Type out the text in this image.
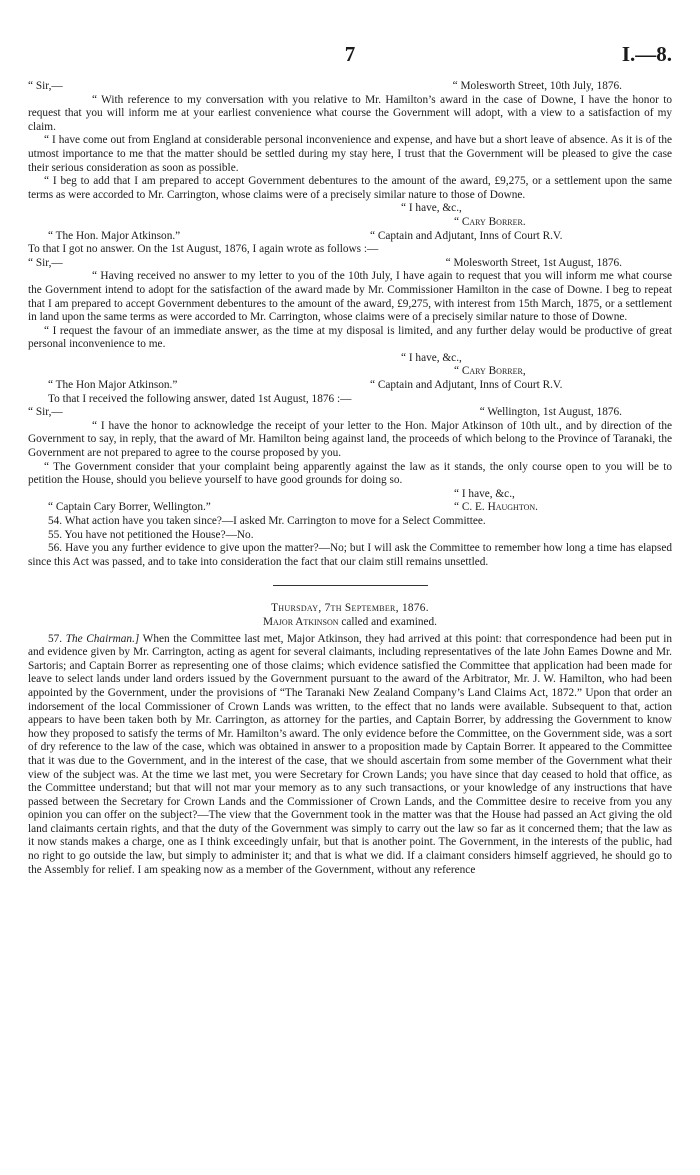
7	I.—8.
“ Sir,—	“ Molesworth Street, 10th July, 1876.

“ With reference to my conversation with you relative to Mr. Hamilton’s award in the case of Downe, I have the honor to request that you will inform me at your earliest convenience what course the Government will adopt, with a view to a satisfaction of my claim.

“ I have come out from England at considerable personal inconvenience and expense, and have but a short leave of absence. As it is of the utmost importance to me that the matter should be settled during my stay here, I trust that the Government will be pleased to give the case their serious consideration as soon as possible.

“ I beg to add that I am prepared to accept Government debentures to the amount of the award, £9,275, or a settlement upon the same terms as were accorded to Mr. Carrington, whose claims were of a precisely similar nature to those of Downe.

“ I have, &c.,
“ Cary Borrer.
“ The Hon. Major Atkinson.”	“ Captain and Adjutant, Inns of Court R.V.

To that I got no answer. On the 1st August, 1876, I again wrote as follows :—

“ Sir,—	“ Molesworth Street, 1st August, 1876.

“ Having received no answer to my letter to you of the 10th July, I have again to request that you will inform me what course the Government intend to adopt for the satisfaction of the award made by Mr. Commissioner Hamilton in the case of Downe. I beg to repeat that I am prepared to accept Government debentures to the amount of the award, £9,275, with interest from 15th March, 1875, or a settlement in land upon the same terms as were accorded to Mr. Carrington, whose claims were of a precisely similar nature to those of Downe.

“ I request the favour of an immediate answer, as the time at my disposal is limited, and any further delay would be productive of great personal inconvenience to me.

“ I have, &c.,
“ Cary Borrer,
“ The Hon Major Atkinson.”	“ Captain and Adjutant, Inns of Court R.V.

To that I received the following answer, dated 1st August, 1876 :—

“ Sir,—	“ Wellington, 1st August, 1876.

“ I have the honor to acknowledge the receipt of your letter to the Hon. Major Atkinson of 10th ult., and by direction of the Government to say, in reply, that the award of Mr. Hamilton being against land, the proceeds of which belong to the Province of Taranaki, the Government are not prepared to agree to the course proposed by you.

“ The Government consider that your complaint being apparently against the law as it stands, the only course open to you will be to petition the House, should you believe yourself to have good grounds for doing so.

“ I have, &c.,
“ Captain Cary Borrer, Wellington.”	“ C. E. Haughton.

54. What action have you taken since?—I asked Mr. Carrington to move for a Select Committee.

55. You have not petitioned the House?—No.

56. Have you any further evidence to give upon the matter?—No; but I will ask the Committee to remember how long a time has elapsed since this Act was passed, and to take into consideration the fact that our claim still remains unsettled.

Thursday, 7th September, 1876.
Major Atkinson called and examined.

57. The Chairman.] When the Committee last met, Major Atkinson, they had arrived at this point: that correspondence had been put in and evidence given by Mr. Carrington, acting as agent for several claimants, including representatives of the late John Eames Downe and Mr. Sartoris; and Captain Borrer as representing one of those claims; which evidence satisfied the Committee that application had been made for leave to select lands under land orders issued by the Government pursuant to the award of the Arbitrator, Mr. J. W. Hamilton, who had been appointed by the Government, under the provisions of “The Taranaki New Zealand Company’s Land Claims Act, 1872.” Upon that order an indorsement of the local Commissioner of Crown Lands was written, to the effect that no lands were available. Subsequent to that, action appears to have been taken both by Mr. Carrington, as attorney for the parties, and Captain Borrer, by addressing the Government to know how they proposed to satisfy the terms of Mr. Hamilton’s award. The only evidence before the Committee, on the Government side, was a sort of dry reference to the law of the case, which was obtained in answer to a proposition made by Captain Borrer. It appeared to the Committee that it was due to the Government, and in the interest of the case, that we should ascertain from some member of the Government what their view of the subject was. At the time we last met, you were Secretary for Crown Lands; you have since that day ceased to hold that office, as the Committee understand; but that will not mar your memory as to any such transactions, or your knowledge of any instructions that have passed between the Secretary for Crown Lands and the Commissioner of Crown Lands, and the Committee desire to receive from you any opinion you can offer on the subject?—The view that the Government took in the matter was that the House had passed an Act giving the old land claimants certain rights, and that the duty of the Government was simply to carry out the law so far as it concerned them; that the law as it now stands makes a charge, one as I think exceedingly unfair, but that is another point. The Government, in the interests of the public, had no right to go outside the law, but simply to administer it; and that is what we did. If a claimant considers himself aggrieved, he should go to the Assembly for relief. I am speaking now as a member of the Government, without any reference
